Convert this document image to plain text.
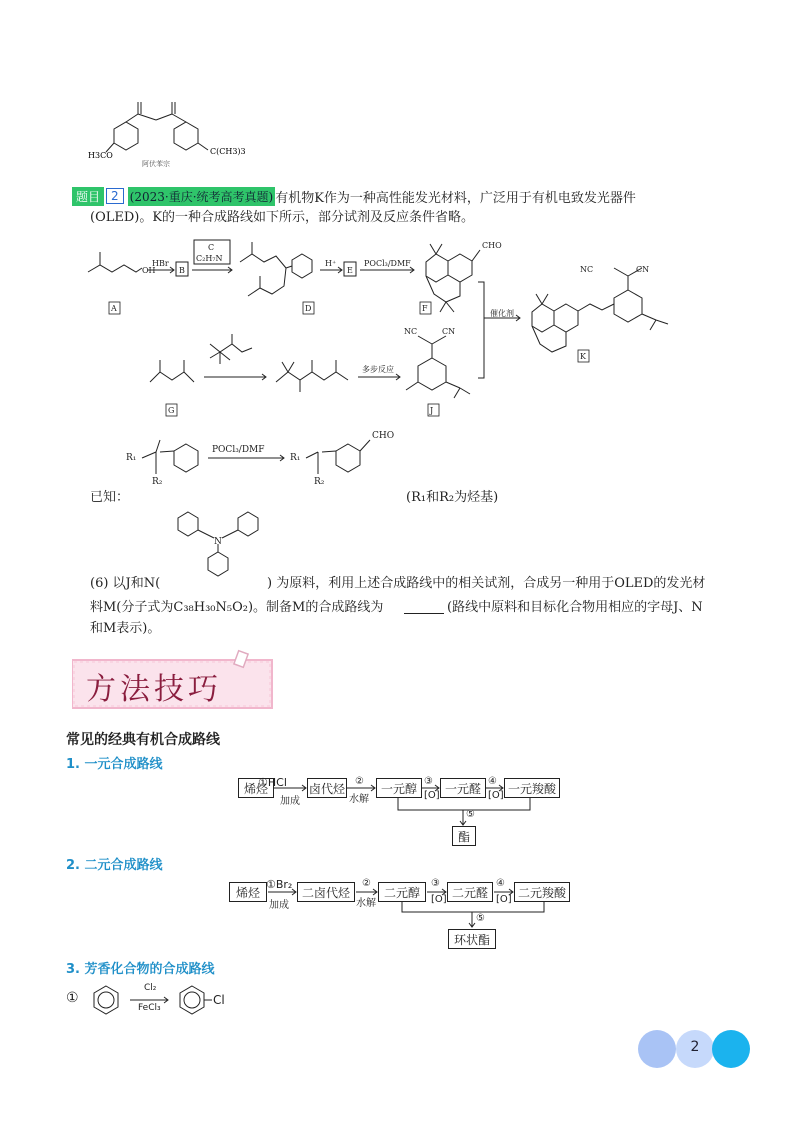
H3CO	C(CH3)3
阿伏苯宗
题目 2 (2023·重庆·统考高考真题) 有机物K作为一种高性能发光材料，广泛用于有机电致发光器件
(OLED)。K的一种合成路线如下所示，部分试剂及反应条件省略。
OH
HBr
B
C
C₂H₇N
H⁺
E
POCl₃/DMF
CHO
催化剂
多步反应
NC	CN
NC	CN
A	D	F
G	J
K
R₁
R₂
POCl₃/DMF
R₁
R₂
CHO
已知：	(R₁和R₂为烃基)
N
(6) 以J和N(	) 为原料，利用上述合成路线中的相关试剂，合成另一种用于OLED的发光材
料M(分子式为C₃₈H₃₀N₅O₂)。制备M的合成路线为	(路线中原料和目标化合物用相应的字母J、N
和M表示)。
方法技巧
常见的经典有机合成路线
1. 一元合成路线
烯烃	卤代烃	一元醇	一元醛	一元羧酸
酯
①HCl
加成
②
水解
③
[O]
④
[O]
⑤
2. 二元合成路线
烯烃	二卤代烃	二元醇	二元醛	二元羧酸
环状酯
①Br₂
加成
②
水解
③
[O]
④
[O]
⑤
3. 芳香化合物的合成路线
①
Cl₂
FeCl₃
Cl
2
